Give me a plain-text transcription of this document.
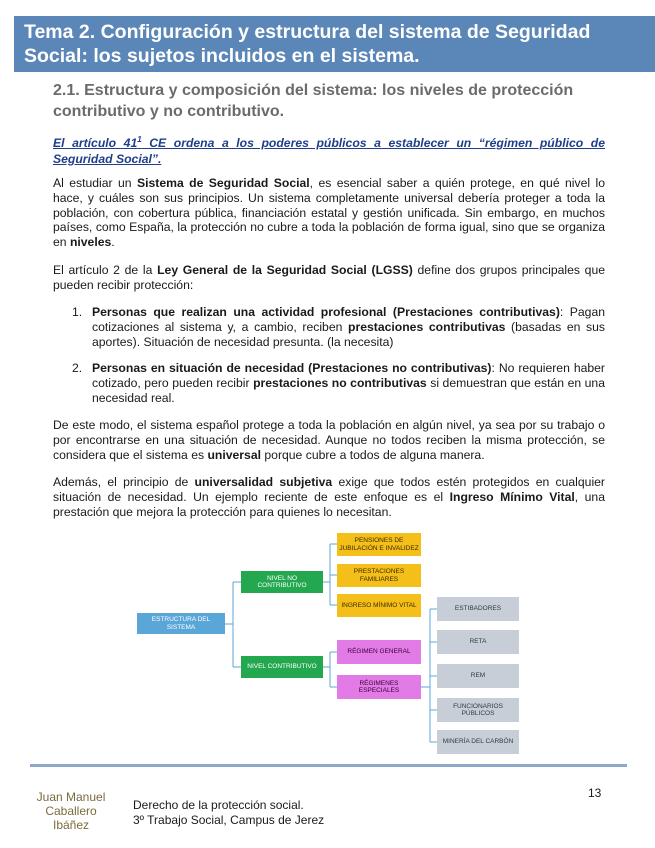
Tema 2. Configuración y estructura del sistema de Seguridad Social: los sujetos incluidos en el sistema.
2.1. Estructura y composición del sistema: los niveles de protección contributivo y no contributivo.
El artículo $41^1$ CE ordena a los poderes públicos a establecer un “régimen público de Seguridad Social”.
Al estudiar un Sistema de Seguridad Social, es esencial saber a quién protege, en qué nivel lo hace, y cuáles son sus principios. Un sistema completamente universal debería proteger a toda la población, con cobertura pública, financiación estatal y gestión unificada. Sin embargo, en muchos países, como España, la protección no cubre a toda la población de forma igual, sino que se organiza en niveles.
El artículo 2 de la Ley General de la Seguridad Social (LGSS) define dos grupos principales que pueden recibir protección:
1. Personas que realizan una actividad profesional (Prestaciones contributivas): Pagan cotizaciones al sistema y, a cambio, reciben prestaciones contributivas (basadas en sus aportes). Situación de necesidad presunta. (la necesita)
2. Personas en situación de necesidad (Prestaciones no contributivas): No requieren haber cotizado, pero pueden recibir prestaciones no contributivas si demuestran que están en una necesidad real.
De este modo, el sistema español protege a toda la población en algún nivel, ya sea por su trabajo o por encontrarse en una situación de necesidad. Aunque no todos reciben la misma protección, se considera que el sistema es universal porque cubre a todos de alguna manera.
Además, el principio de universalidad subjetiva exige que todos estén protegidos en cualquier situación de necesidad. Un ejemplo reciente de este enfoque es el Ingreso Mínimo Vital, una prestación que mejora la protección para quienes lo necesitan.
ESTRUCTURA DEL SISTEMA
NIVEL NO CONTRIBUTIVO
NIVEL CONTRIBUTIVO
PENSIONES DE JUBILACIÓN E INVALIDEZ
PRESTACIONES FAMILIARES
INGRESO MÍNIMO VITAL
RÉGIMEN GENERAL
RÉGIMENES ESPECIALES
ESTIBADORES
RETA
REM
FUNCIONARIOS PÚBLICOS
MINERÍA DEL CARBÓN
Juan Manuel Caballero Ibáñez
Derecho de la protección social.
3º Trabajo Social, Campus de Jerez
13
